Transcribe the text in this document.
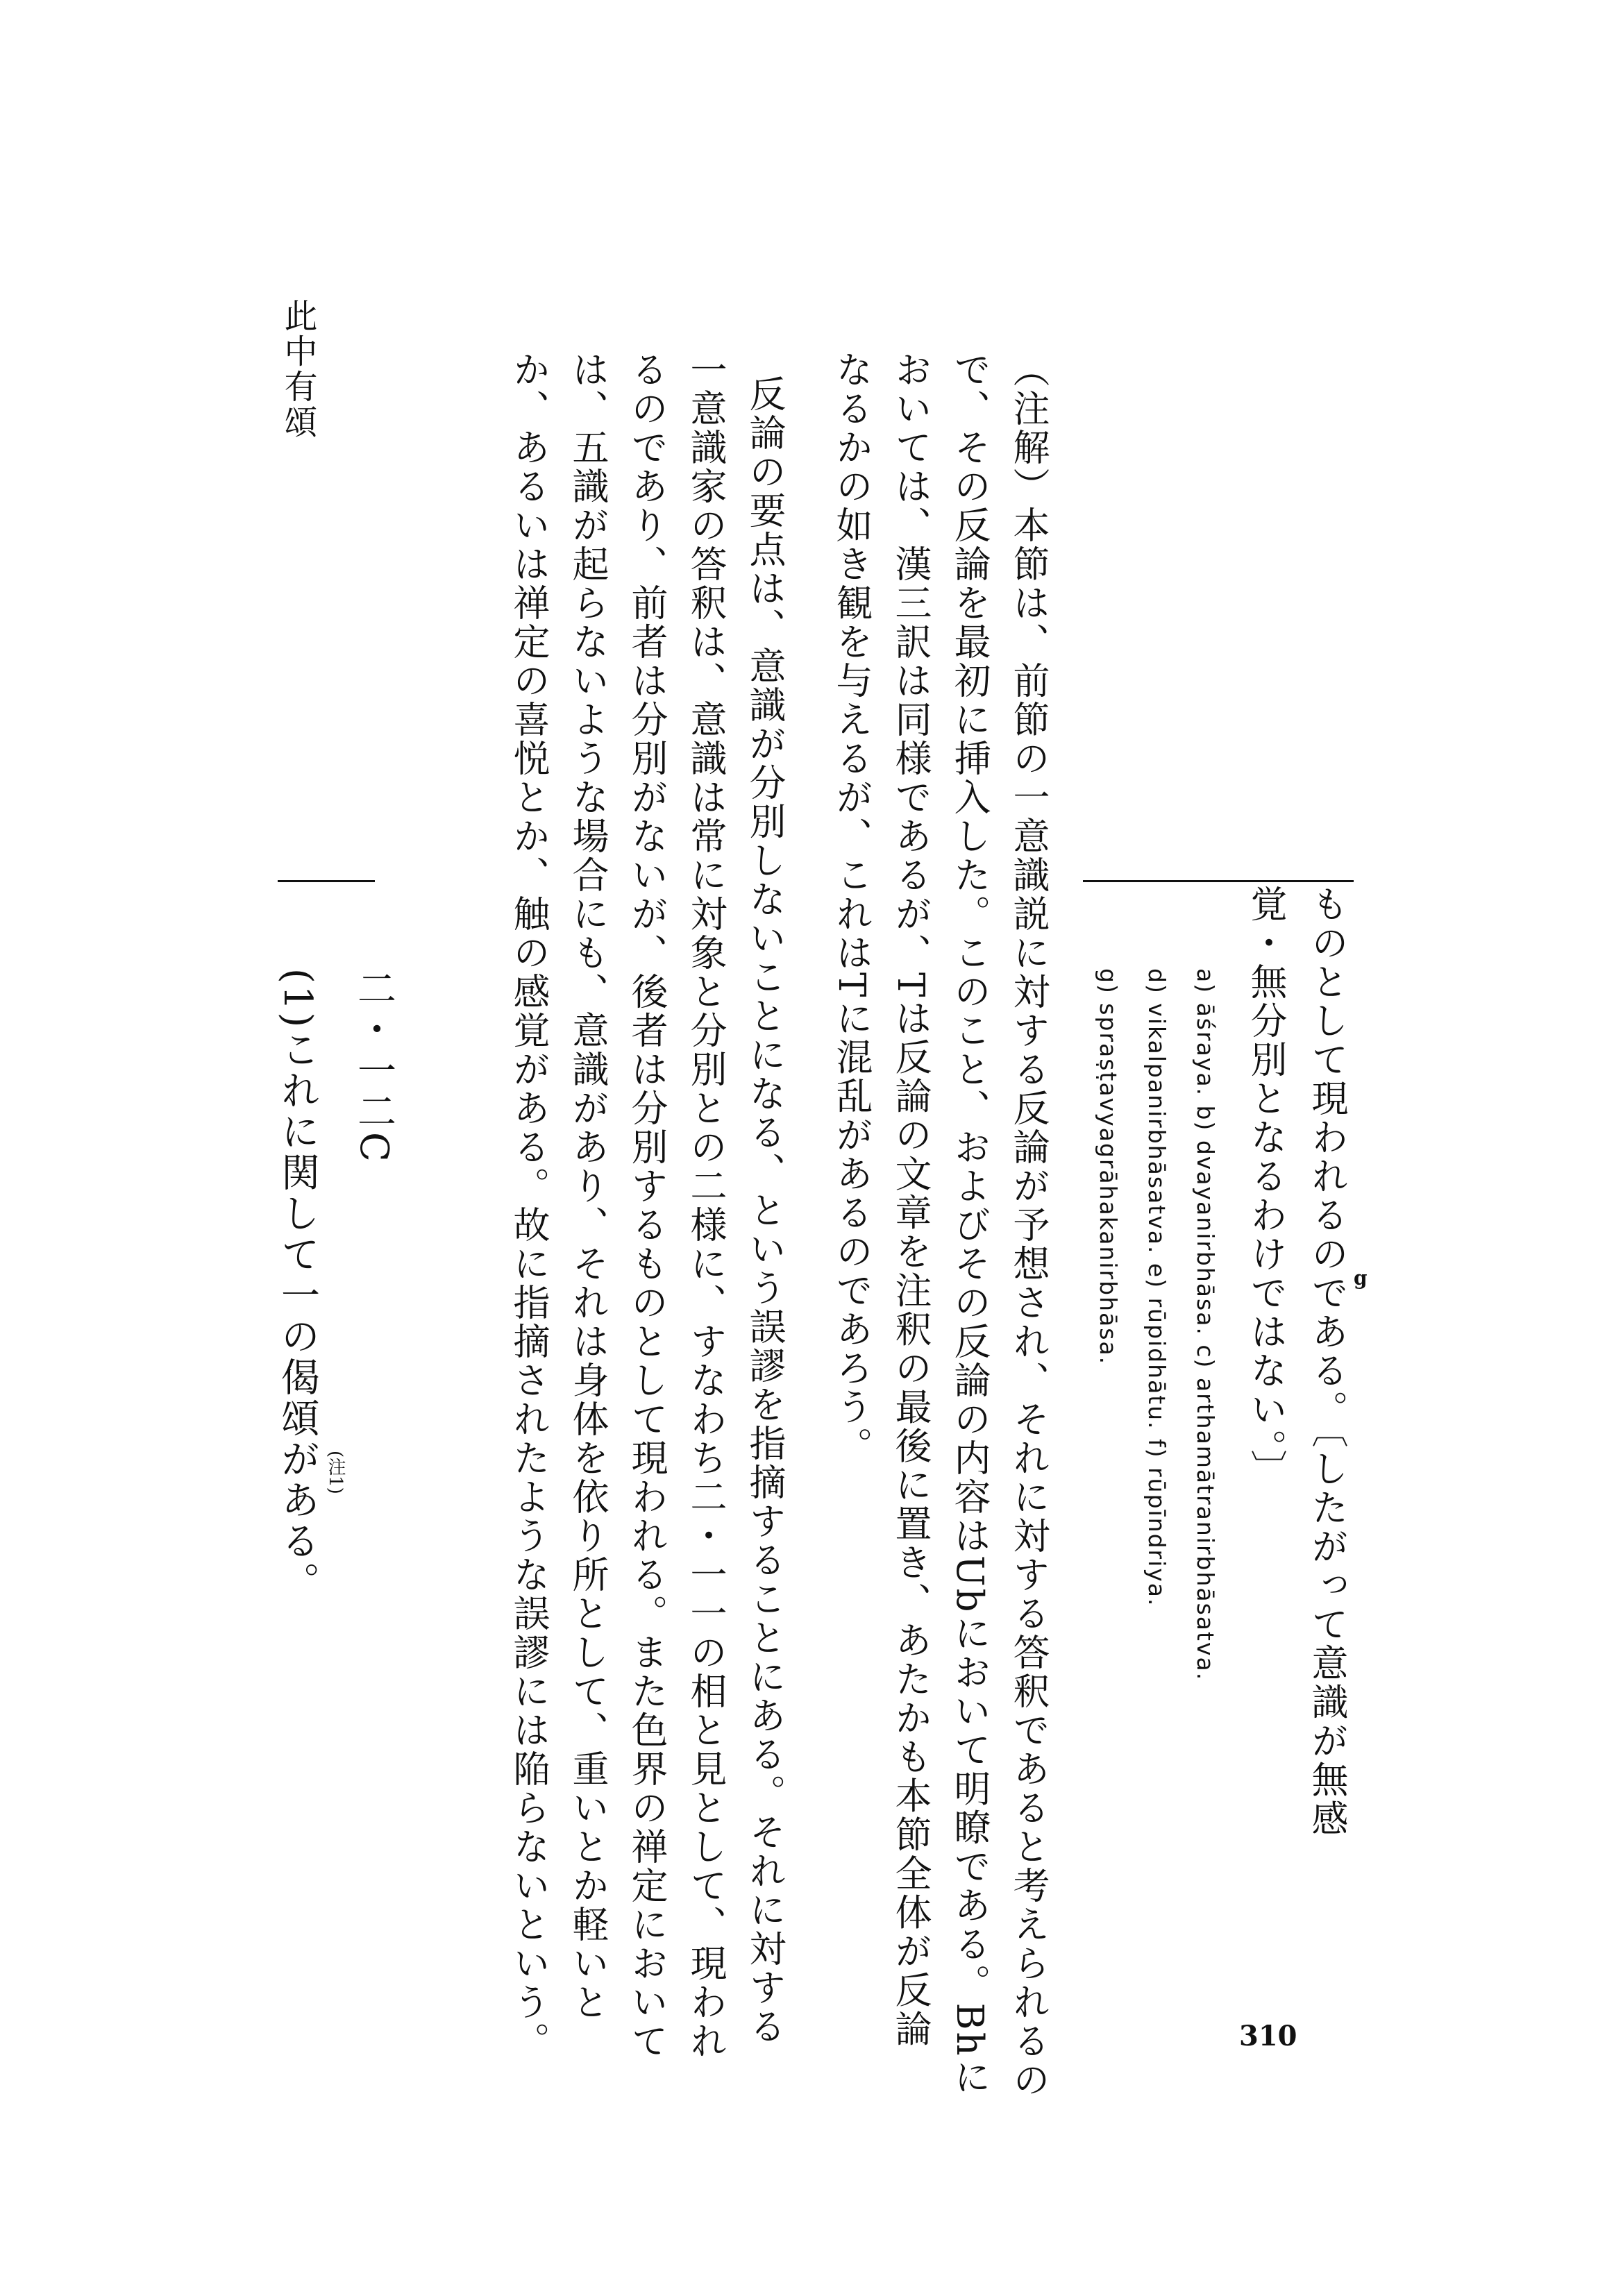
ものとして現われるのである。〔したがって意識が無感 g

覚・無分別となるわけではない。〕

a) āśraya. b) dvayanirbhāsa. c) arthamātranirbhāsatva.

d) vikalpanirbhāsatva. e) rūpidhātu. f) rūpīndriya.

g) spraṣṭavyagrāhakanirbhāsa.

（注解）本節は、前節の一意識説に対する反論が予想され、それに対する答釈であると考えられるの

で、その反論を最初に挿入した。このこと、およびその反論の内容はUbにおいて明瞭である。Bhに

おいては、漢三訳は同様であるが、Tは反論の文章を注釈の最後に置き、あたかも本節全体が反論

なるかの如き観を与えるが、これはTに混乱があるのであろう。

反論の要点は、意識が分別しないことになる、という誤謬を指摘することにある。それに対する

一意識家の答釈は、意識は常に対象と分別との二様に、すなわち二・一一の相と見として、現われ

るのであり、前者は分別がないが、後者は分別するものとして現われる。また色界の禅定において

は、五識が起らないような場合にも、意識があり、それは身体を依り所として、重いとか軽いと

か、あるいは禅定の喜悦とか、触の感覚がある。故に指摘されたような誤謬には陥らないという。

二・一二C

(1)これに関して一の偈頌がある。 (注1)

此中有頌

310
